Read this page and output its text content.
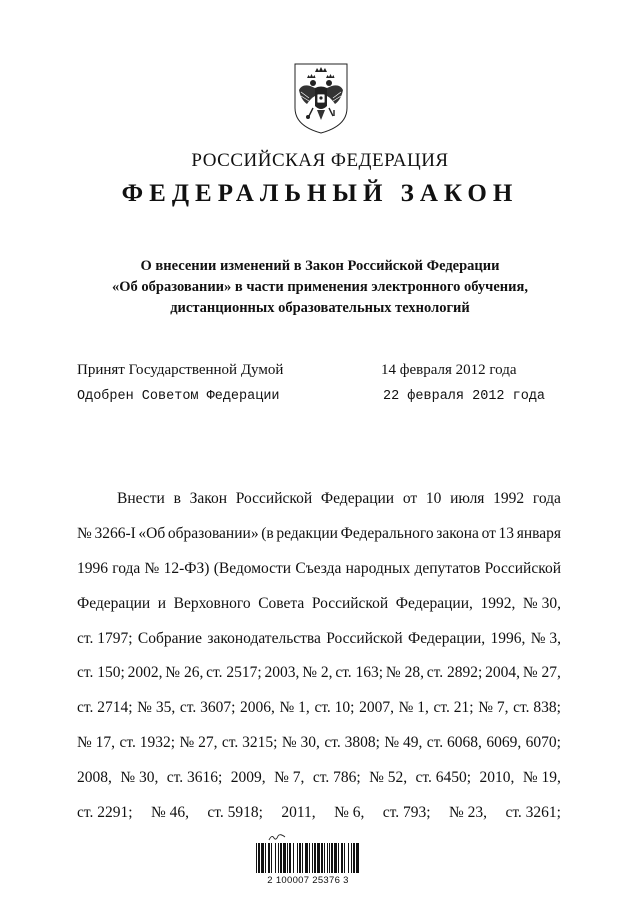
РОССИЙСКАЯ ФЕДЕРАЦИЯ
ФЕДЕРАЛЬНЫЙ ЗАКОН
О внесении изменений в Закон Российской Федерации
«Об образовании» в части применения электронного обучения,
дистанционных образовательных технологий
Принят Государственной Думой	14 февраля 2012 года
Одобрен Советом Федерации	22 февраля 2012 года
Внести в Закон Российской Федерации от 10 июля 1992 года
№ 3266-I «Об образовании» (в редакции Федерального закона от 13 января
1996 года № 12-ФЗ) (Ведомости Съезда народных депутатов Российской
Федерации и Верховного Совета Российской Федерации, 1992, № 30,
ст. 1797; Собрание законодательства Российской Федерации, 1996, № 3,
ст. 150; 2002, № 26, ст. 2517; 2003, № 2, ст. 163; № 28, ст. 2892; 2004, № 27,
ст. 2714; № 35, ст. 3607; 2006, № 1, ст. 10; 2007, № 1, ст. 21; № 7, ст. 838;
№ 17, ст. 1932; № 27, ст. 3215; № 30, ст. 3808; № 49, ст. 6068, 6069, 6070;
2008, № 30, ст. 3616; 2009, № 7, ст. 786; № 52, ст. 6450; 2010, № 19,
ст. 2291; № 46, ст. 5918; 2011, № 6, ст. 793; № 23, ст. 3261;
2 100007 25376 3
